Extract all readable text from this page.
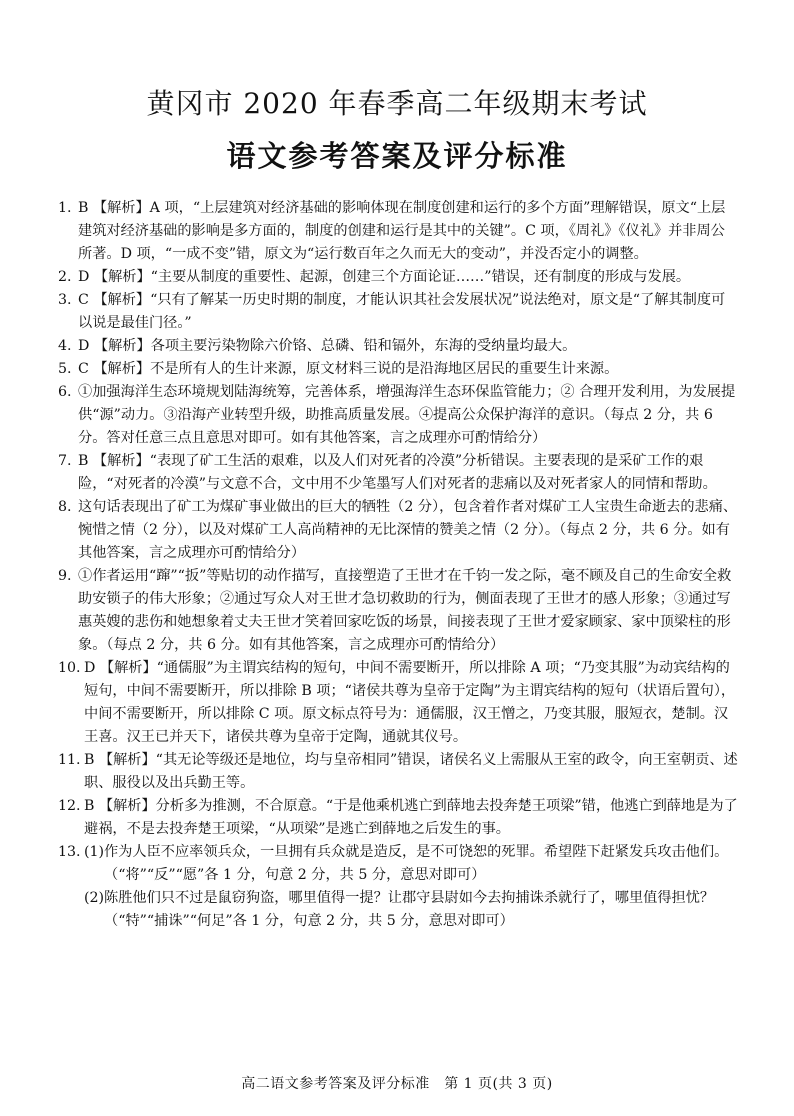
黄冈市 2020 年春季高二年级期末考试
语文参考答案及评分标准
1. B 【解析】A 项，“上层建筑对经济基础的影响体现在制度创建和运行的多个方面”理解错误，原文“上层建筑对经济基础的影响是多方面的，制度的创建和运行是其中的关键”。C 项，《周礼》《仪礼》并非周公所著。D 项，“一成不变”错，原文为“运行数百年之久而无大的变动”，并没否定小的调整。
2. D 【解析】“主要从制度的重要性、起源，创建三个方面论证……”错误，还有制度的形成与发展。
3. C 【解析】“只有了解某一历史时期的制度，才能认识其社会发展状况”说法绝对，原文是“了解其制度可以说是最佳门径。”
4. D 【解析】各项主要污染物除六价铬、总磷、铅和镉外，东海的受纳量均最大。
5. C 【解析】不是所有人的生计来源，原文材料三说的是沿海地区居民的重要生计来源。
6. ①加强海洋生态环境规划陆海统筹，完善体系，增强海洋生态环保监管能力；② 合理开发利用，为发展提供“源”动力。③沿海产业转型升级，助推高质量发展。④提高公众保护海洋的意识。（每点 2 分，共 6 分。答对任意三点且意思对即可。如有其他答案，言之成理亦可酌情给分）
7. B 【解析】“表现了矿工生活的艰难，以及人们对死者的冷漠”分析错误。主要表现的是采矿工作的艰险，“对死者的冷漠”与文意不合，文中用不少笔墨写人们对死者的悲痛以及对死者家人的同情和帮助。
8. 这句话表现出了矿工为煤矿事业做出的巨大的牺牲（2 分），包含着作者对煤矿工人宝贵生命逝去的悲痛、惋惜之情（2 分），以及对煤矿工人高尚精神的无比深情的赞美之情（2 分）。（每点 2 分，共 6 分。如有其他答案，言之成理亦可酌情给分）
9. ①作者运用“蹿”“扳”等贴切的动作描写，直接塑造了王世才在千钧一发之际，毫不顾及自己的生命安全救助安锁子的伟大形象；②通过写众人对王世才急切救助的行为，侧面表现了王世才的感人形象；③通过写惠英嫂的悲伤和她想象着丈夫王世才笑着回家吃饭的场景，间接表现了王世才爱家顾家、家中顶梁柱的形象。（每点 2 分，共 6 分。如有其他答案，言之成理亦可酌情给分）
10. D 【解析】“通儒服”为主谓宾结构的短句，中间不需要断开，所以排除 A 项；“乃变其服”为动宾结构的短句，中间不需要断开，所以排除 B 项；“诸侯共尊为皇帝于定陶”为主谓宾结构的短句（状语后置句），中间不需要断开，所以排除 C 项。原文标点符号为：通儒服，汉王憎之，乃变其服，服短衣，楚制。汉王喜。汉王已并天下，诸侯共尊为皇帝于定陶，通就其仪号。
11. B 【解析】“其无论等级还是地位，均与皇帝相同”错误，诸侯名义上需服从王室的政令，向王室朝贡、述职、服役以及出兵勤王等。
12. B 【解析】分析多为推测，不合原意。“于是他乘机逃亡到薛地去投奔楚王项梁”错，他逃亡到薛地是为了避祸，不是去投奔楚王项梁，“从项梁”是逃亡到薛地之后发生的事。
13. (1) 作为人臣不应率领兵众，一旦拥有兵众就是造反，是不可饶恕的死罪。希望陛下赶紧发兵攻击他们。（“将”“反”“愿”各 1 分，句意 2 分，共 5 分，意思对即可）
(2) 陈胜他们只不过是鼠窃狗盗，哪里值得一提？让郡守县尉如今去拘捕诛杀就行了，哪里值得担忧？（“特”“捕诛”“何足”各 1 分，句意 2 分，共 5 分，意思对即可）
高二语文参考答案及评分标准　第 1 页(共 3 页)
